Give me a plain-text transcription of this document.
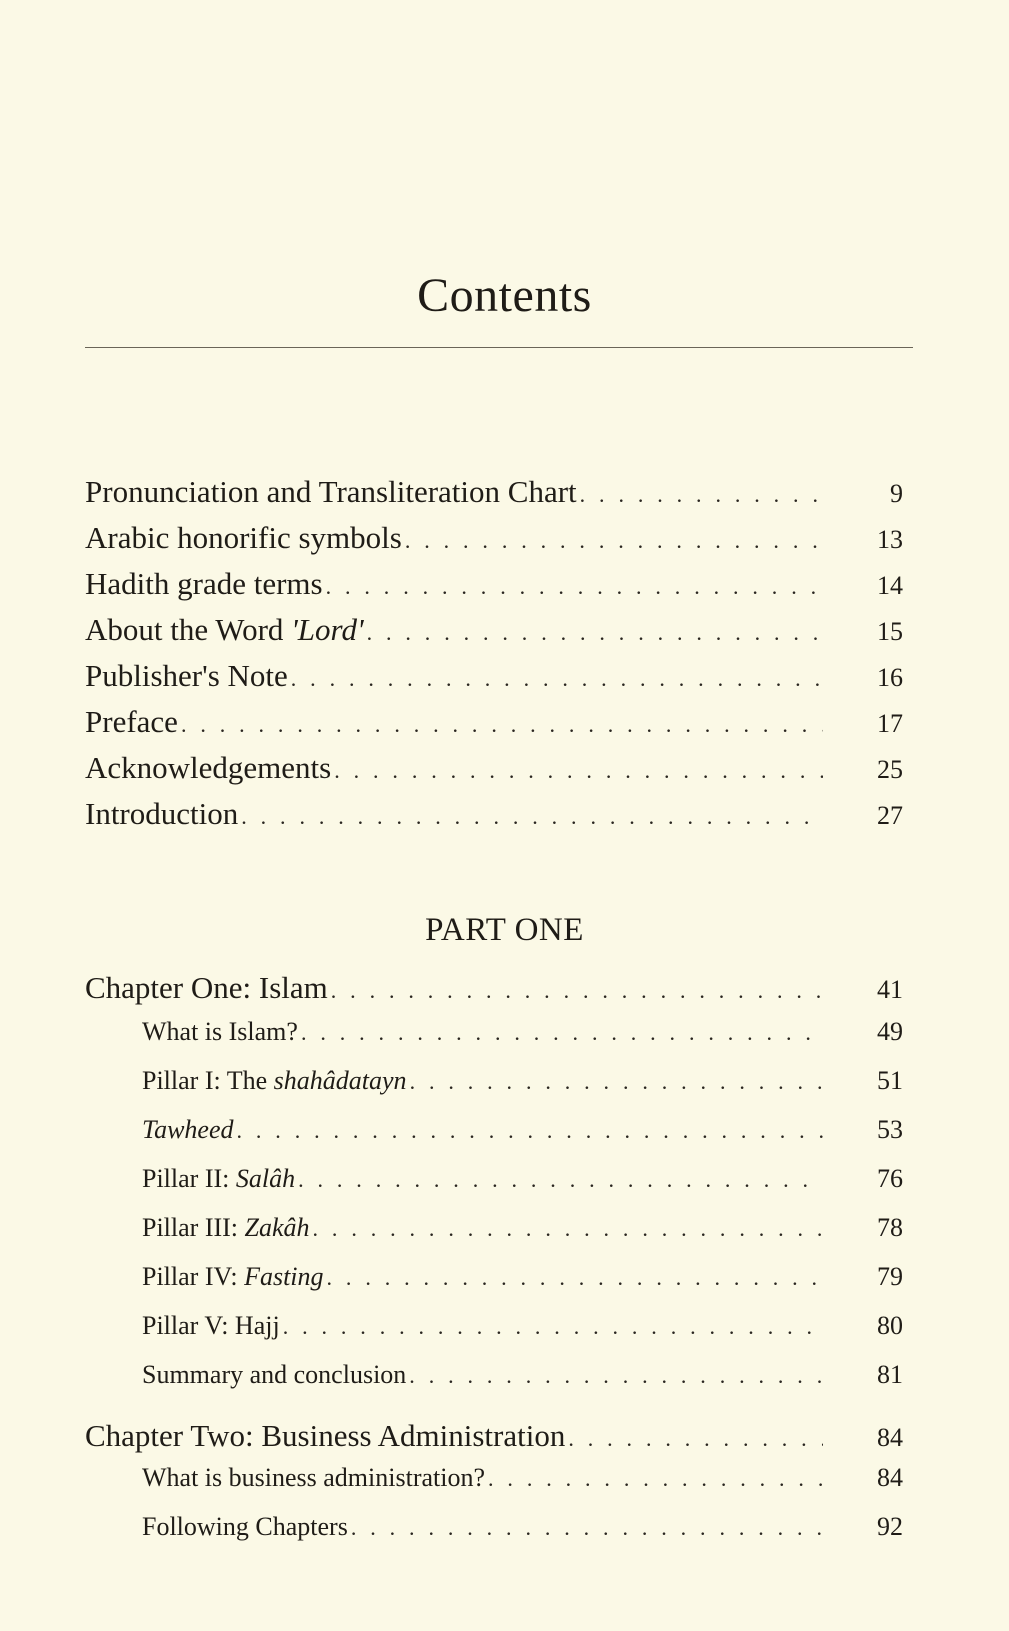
Contents
Pronunciation and Transliteration Chart . . .	9
Arabic honorific symbols . . .	13
Hadith grade terms . . .	14
About the Word 'Lord' . . .	15
Publisher's Note . . .	16
Preface . . .	17
Acknowledgements . . .	25
Introduction . . .	27
PART ONE
Chapter One: Islam . . .	41
What is Islam? . . .	49
Pillar I: The shahâdatayn . . .	51
Tawheed . . .	53
Pillar II: Salâh . . .	76
Pillar III: Zakâh . . .	78
Pillar IV: Fasting . . .	79
Pillar V: Hajj . . .	80
Summary and conclusion . . .	81
Chapter Two: Business Administration . . .	84
What is business administration? . . .	84
Following Chapters . . .	92
